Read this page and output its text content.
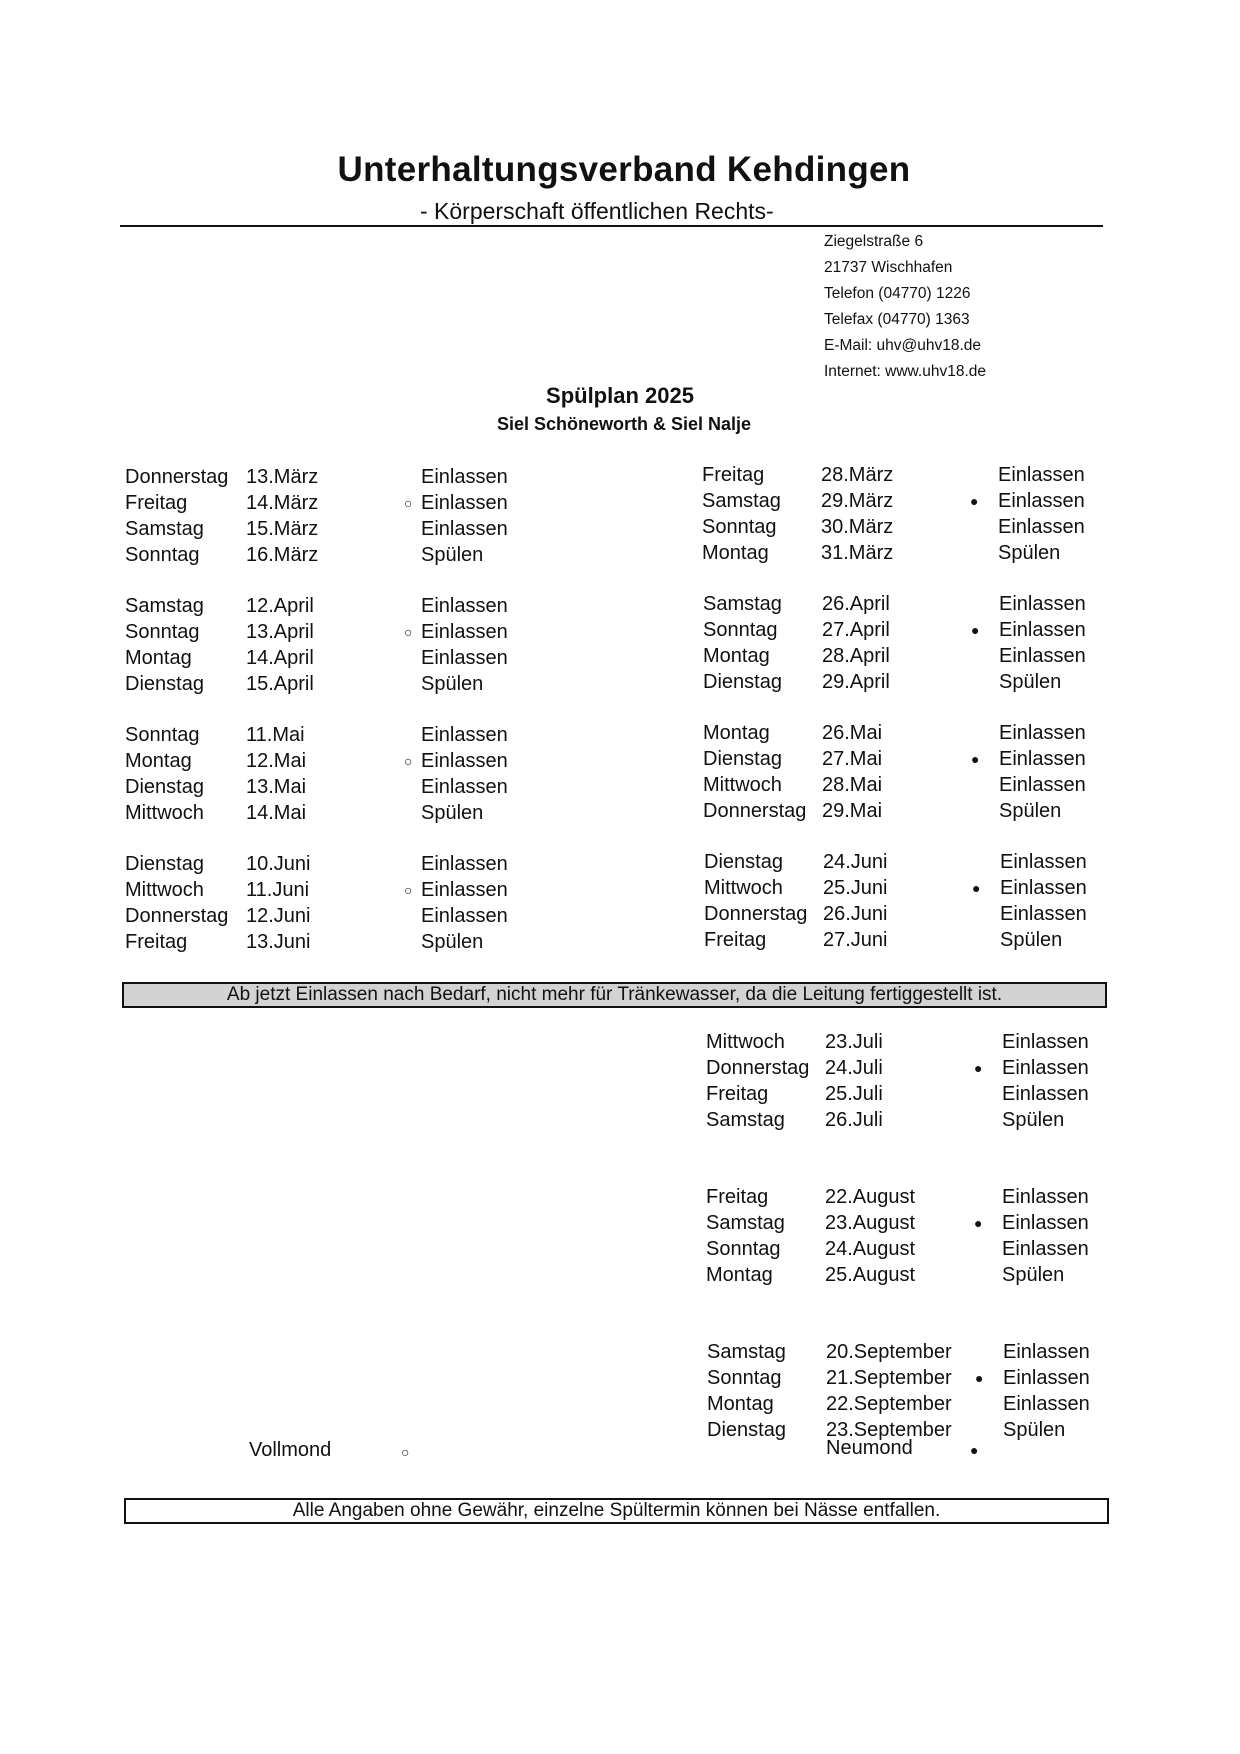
Unterhaltungsverband Kehdingen
- Körperschaft öffentlichen Rechts-
Ziegelstraße 6
21737 Wischhafen
Telefon (04770) 1226
Telefax (04770) 1363
E-Mail: uhv@uhv18.de
Internet: www.uhv18.de
Spülplan 2025
Siel Schöneworth & Siel Nalje
Donnerstag 13.März	Einlassen
Freitag	14.März	○ Einlassen
Samstag 15.März	Einlassen
Sonntag 16.März	Spülen
Samstag 12.April	Einlassen
Sonntag 13.April	○ Einlassen
Montag	14.April	Einlassen
Dienstag 15.April	Spülen
Sonntag 11.Mai	Einlassen
Montag	12.Mai	○ Einlassen
Dienstag 13.Mai	Einlassen
Mittwoch 14.Mai	Spülen
Dienstag 10.Juni	Einlassen
Mittwoch 11.Juni	○ Einlassen
Donnerstag 12.Juni	Einlassen
Freitag	13.Juni	Spülen
Freitag	28.März	Einlassen
Samstag 29.März	● Einlassen
Sonntag 30.März	Einlassen
Montag	31.März	Spülen
Samstag 26.April	Einlassen
Sonntag 27.April	● Einlassen
Montag	28.April	Einlassen
Dienstag 29.April	Spülen
Montag	26.Mai	Einlassen
Dienstag 27.Mai	● Einlassen
Mittwoch 28.Mai	Einlassen
Donnerstag 29.Mai	Spülen
Dienstag 24.Juni	Einlassen
Mittwoch 25.Juni	● Einlassen
Donnerstag 26.Juni	Einlassen
Freitag	27.Juni	Spülen
Mittwoch 23.Juli	Einlassen
Donnerstag 24.Juli	● Einlassen
Freitag	25.Juli	Einlassen
Samstag 26.Juli	Spülen
Freitag	22.August	Einlassen
Samstag 23.August	● Einlassen
Sonntag 24.August	Einlassen
Montag	25.August	Spülen
Samstag 20.September	Einlassen
Sonntag 21.September ● Einlassen
Montag	22.September	Einlassen
Dienstag 23.September	Spülen
Ab jetzt Einlassen nach Bedarf, nicht mehr für Tränkewasser, da die Leitung fertiggestellt ist.
Vollmond	○	Neumond	●
Alle Angaben ohne Gewähr, einzelne Spültermin können bei Nässe entfallen.
